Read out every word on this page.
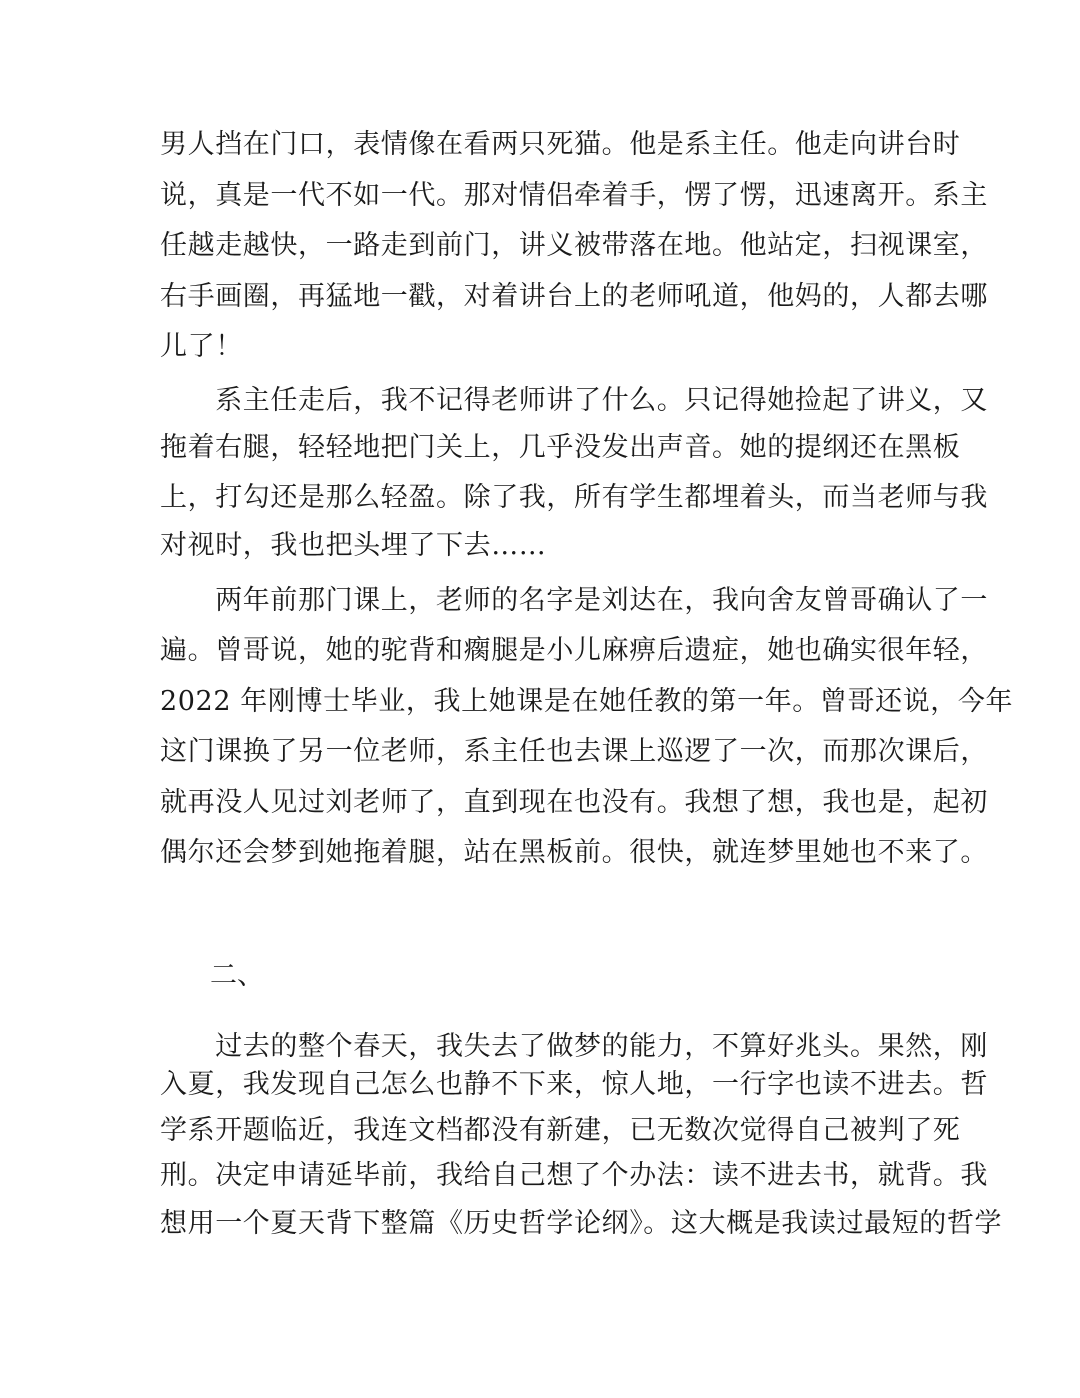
男人挡在门口，表情像在看两只死猫。他是系主任。他走向讲台时
说，真是一代不如一代。那对情侣牵着手，愣了愣，迅速离开。系主
任越走越快，一路走到前门，讲义被带落在地。他站定，扫视课室，
右手画圈，再猛地一戳，对着讲台上的老师吼道，他妈的，人都去哪
儿了！
　　系主任走后，我不记得老师讲了什么。只记得她捡起了讲义，又
拖着右腿，轻轻地把门关上，几乎没发出声音。她的提纲还在黑板
上，打勾还是那么轻盈。除了我，所有学生都埋着头，而当老师与我
对视时，我也把头埋了下去……
　　两年前那门课上，老师的名字是刘达在，我向舍友曾哥确认了一
遍。曾哥说，她的驼背和瘸腿是小儿麻痹后遗症，她也确实很年轻，
2022 年刚博士毕业，我上她课是在她任教的第一年。曾哥还说，今年
这门课换了另一位老师，系主任也去课上巡逻了一次，而那次课后，
就再没人见过刘老师了，直到现在也没有。我想了想，我也是，起初
偶尔还会梦到她拖着腿，站在黑板前。很快，就连梦里她也不来了。
二、
　　过去的整个春天，我失去了做梦的能力，不算好兆头。果然，刚
入夏，我发现自己怎么也静不下来，惊人地，一行字也读不进去。哲
学系开题临近，我连文档都没有新建，已无数次觉得自己被判了死
刑。决定申请延毕前，我给自己想了个办法：读不进去书，就背。我
想用一个夏天背下整篇《历史哲学论纲》。这大概是我读过最短的哲学
